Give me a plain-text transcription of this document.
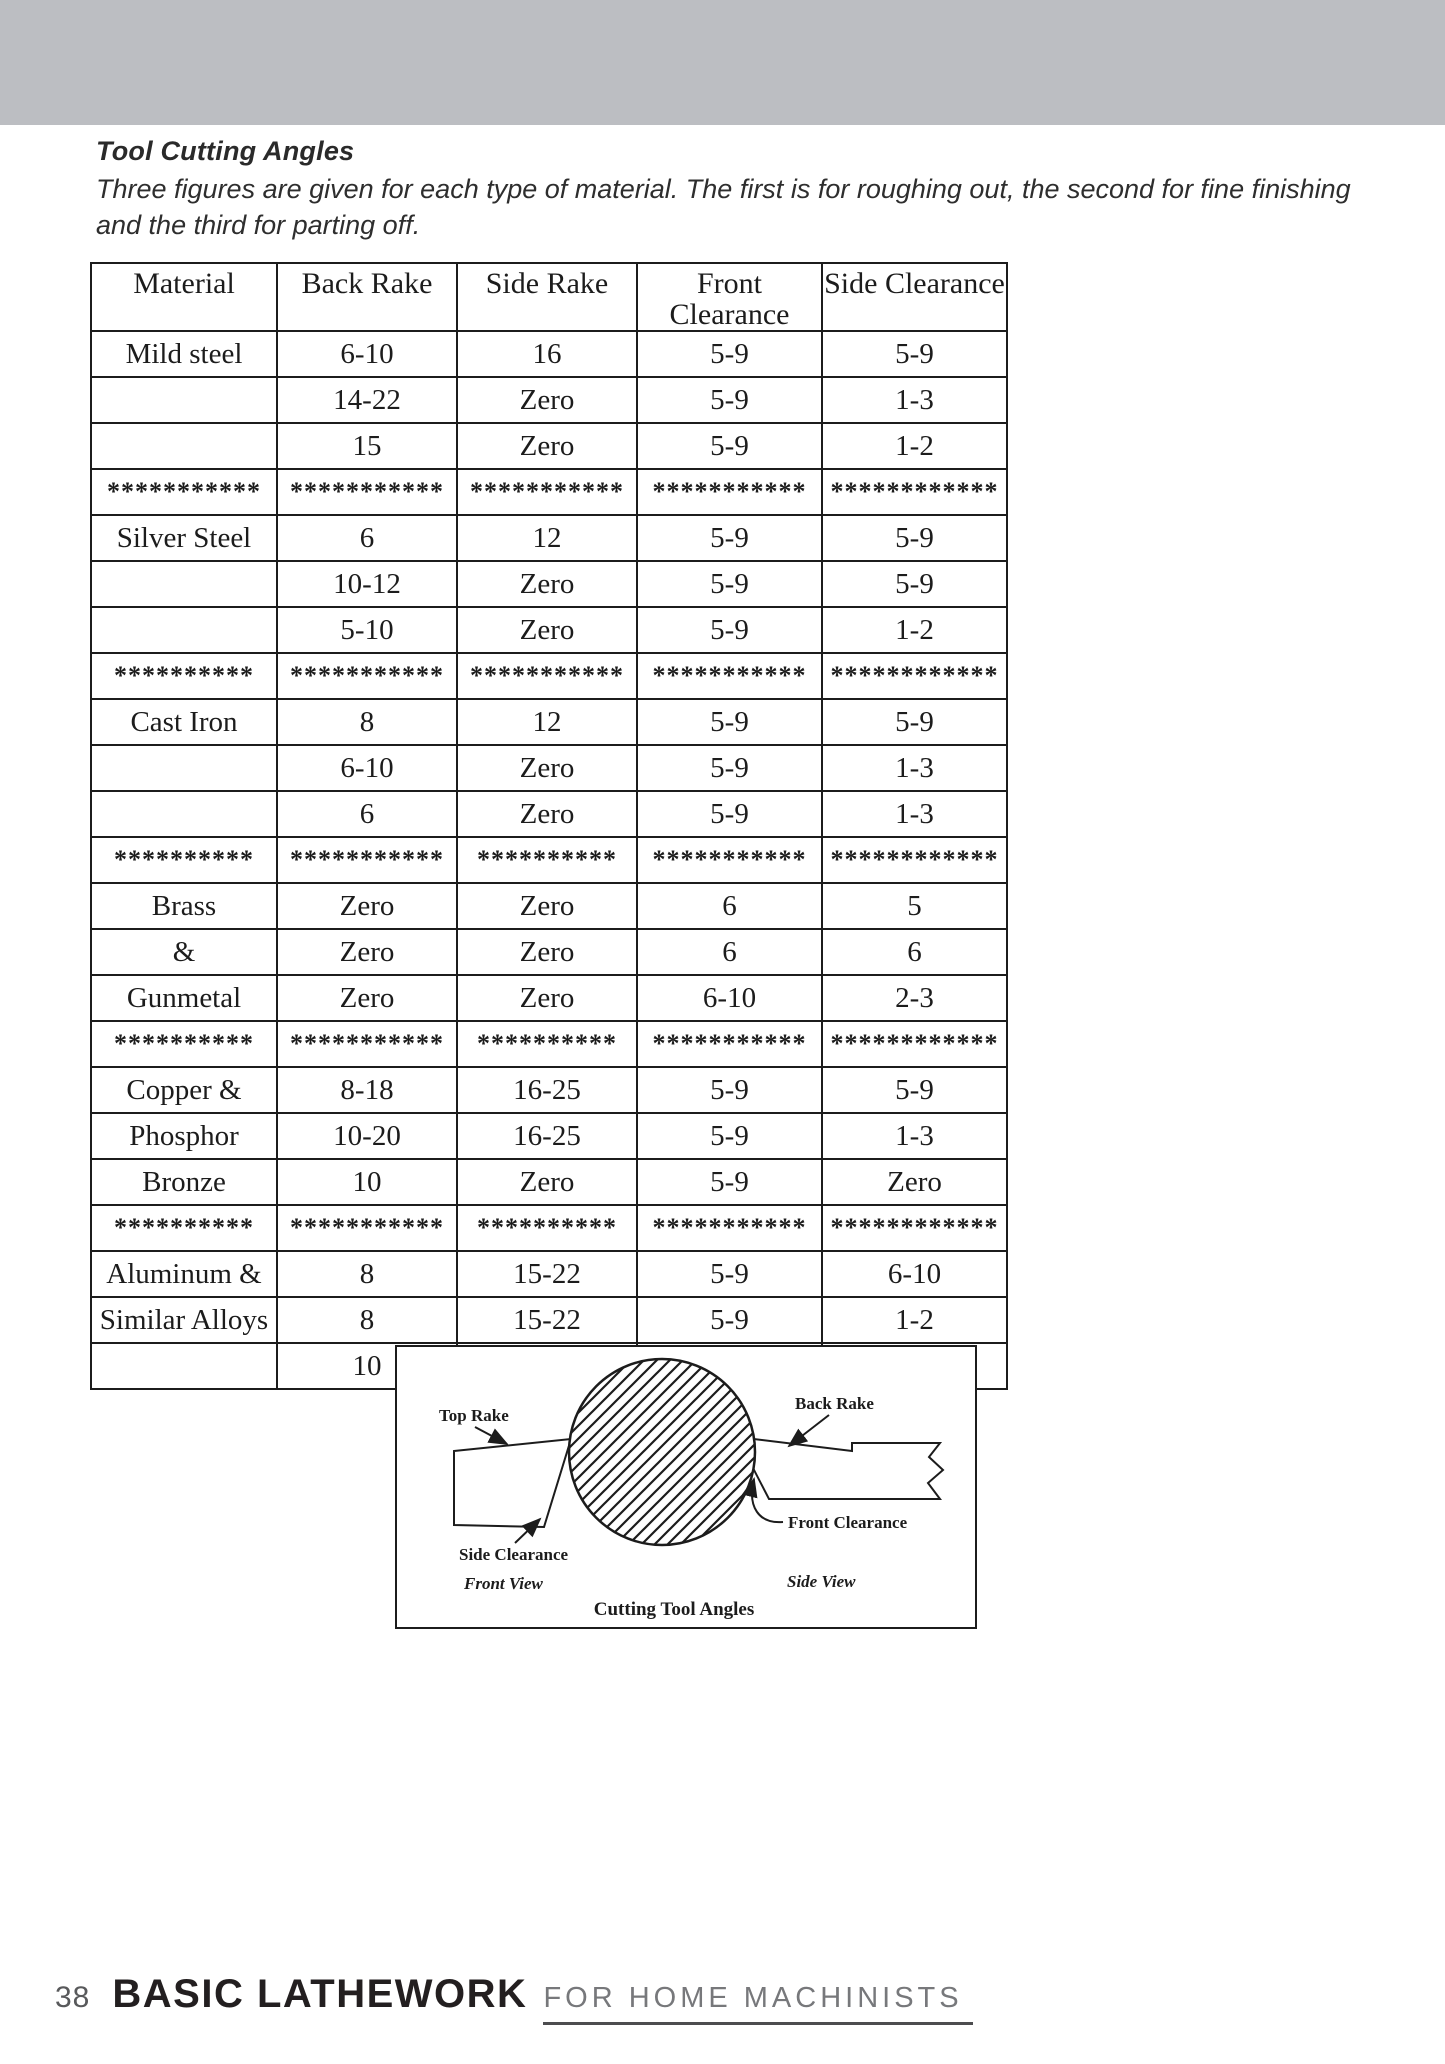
Tool Cutting Angles

Three figures are given for each type of material. The first is for roughing out, the second for fine finishing and the third for parting off.

Material	Back Rake	Side Rake	Front Clearance	Side Clearance
Mild steel	6-10	16	5-9	5-9
	14-22	Zero	5-9	1-3
	15	Zero	5-9	1-2
***********	***********	***********	***********	************
Silver Steel	6	12	5-9	5-9
	10-12	Zero	5-9	5-9
	5-10	Zero	5-9	1-2
**********	***********	***********	***********	************
Cast Iron	8	12	5-9	5-9
	6-10	Zero	5-9	1-3
	6	Zero	5-9	1-3
**********	***********	**********	***********	************
Brass	Zero	Zero	6	5
&	Zero	Zero	6	6
Gunmetal	Zero	Zero	6-10	2-3
**********	***********	**********	***********	************
Copper &	8-18	16-25	5-9	5-9
Phosphor	10-20	16-25	5-9	1-3
Bronze	10	Zero	5-9	Zero
**********	***********	**********	***********	************
Aluminum &	8	15-22	5-9	6-10
Similar Alloys	8	15-22	5-9	1-2
	10			
Top Rake
Back Rake
Side Clearance
Front Clearance
Front View	Side View
Cutting Tool Angles
38 BASIC LATHEWORK FOR HOME MACHINISTS
